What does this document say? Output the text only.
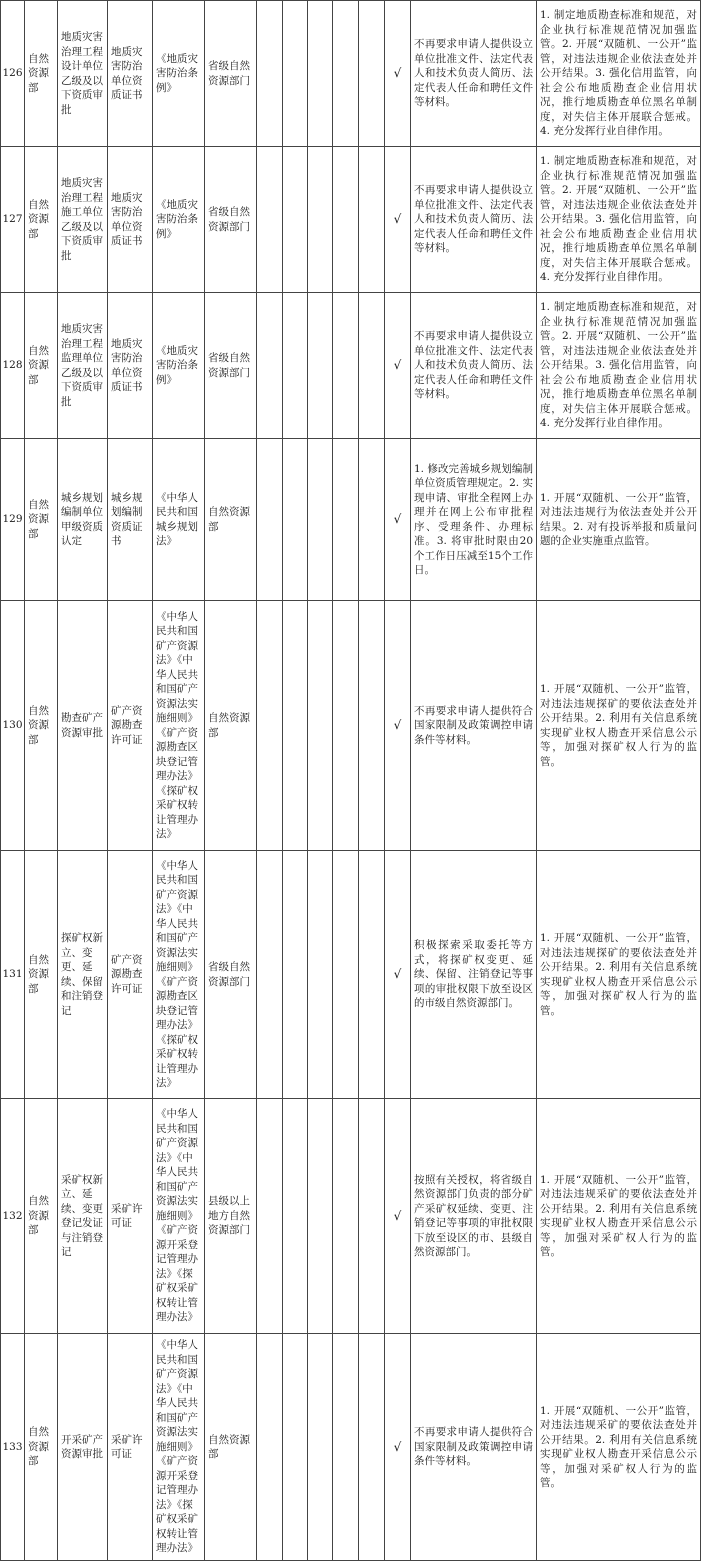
126	自然资源部	地质灾害治理工程设计单位乙级及以下资质审批	地质灾害防治单位资质证书	《地质灾害防治条例》	省级自然资源部门						√	不再要求申请人提供设立单位批准文件、法定代表人和技术负责人简历、法定代表人任命和聘任文件等材料。	1. 制定地质勘查标准和规范，对企业执行标准规范情况加强监管。2. 开展“双随机、一公开”监管，对违法违规企业依法查处并公开结果。3. 强化信用监管，向社会公布地质勘查企业信用状况，推行地质勘查单位黑名单制度，对失信主体开展联合惩戒。4. 充分发挥行业自律作用。
127	自然资源部	地质灾害治理工程施工单位乙级及以下资质审批	地质灾害防治单位资质证书	《地质灾害防治条例》	省级自然资源部门						√	不再要求申请人提供设立单位批准文件、法定代表人和技术负责人简历、法定代表人任命和聘任文件等材料。	1. 制定地质勘查标准和规范，对企业执行标准规范情况加强监管。2. 开展“双随机、一公开”监管，对违法违规企业依法查处并公开结果。3. 强化信用监管，向社会公布地质勘查企业信用状况，推行地质勘查单位黑名单制度，对失信主体开展联合惩戒。4. 充分发挥行业自律作用。
128	自然资源部	地质灾害治理工程监理单位乙级及以下资质审批	地质灾害防治单位资质证书	《地质灾害防治条例》	省级自然资源部门						√	不再要求申请人提供设立单位批准文件、法定代表人和技术负责人简历、法定代表人任命和聘任文件等材料。	1. 制定地质勘查标准和规范，对企业执行标准规范情况加强监管。2. 开展“双随机、一公开”监管，对违法违规企业依法查处并公开结果。3. 强化信用监管，向社会公布地质勘查企业信用状况，推行地质勘查单位黑名单制度，对失信主体开展联合惩戒。4. 充分发挥行业自律作用。
129	自然资源部	城乡规划编制单位甲级资质认定	城乡规划编制资质证书	《中华人民共和国城乡规划法》	自然资源部						√	1. 修改完善城乡规划编制单位资质管理规定。2. 实现申请、审批全程网上办理并在网上公布审批程序、受理条件、办理标准。3. 将审批时限由20个工作日压减至15个工作日。	1. 开展“双随机、一公开”监管，对违法违规行为依法查处并公开结果。2. 对有投诉举报和质量问题的企业实施重点监管。
130	自然资源部	勘查矿产资源审批	矿产资源勘查许可证	《中华人民共和国矿产资源法》《中华人民共和国矿产资源法实施细则》《矿产资源勘查区块登记管理办法》《探矿权采矿权转让管理办法》	自然资源部						√	不再要求申请人提供符合国家限制及政策调控申请条件等材料。	1. 开展“双随机、一公开”监管，对违法违规探矿的要依法查处并公开结果。2. 利用有关信息系统实现矿业权人勘查开采信息公示等，加强对探矿权人行为的监管。
131	自然资源部	探矿权新立、变更、延续、保留和注销登记	矿产资源勘查许可证	《中华人民共和国矿产资源法》《中华人民共和国矿产资源法实施细则》《矿产资源勘查区块登记管理办法》《探矿权采矿权转让管理办法》	省级自然资源部门						√	积极探索采取委托等方式，将探矿权变更、延续、保留、注销登记等事项的审批权限下放至设区的市级自然资源部门。	1. 开展“双随机、一公开”监管，对违法违规探矿的要依法查处并公开结果。2. 利用有关信息系统实现矿业权人勘查开采信息公示等，加强对探矿权人行为的监管。
132	自然资源部	采矿权新立、延续、变更登记发证与注销登记	采矿许可证	《中华人民共和国矿产资源法》《中华人民共和国矿产资源法实施细则》《矿产资源开采登记管理办法》《探矿权采矿权转让管理办法》	县级以上地方自然资源部门						√	按照有关授权，将省级自然资源部门负责的部分矿产采矿权延续、变更、注销登记等事项的审批权限下放至设区的市、县级自然资源部门。	1. 开展“双随机、一公开”监管，对违法违规采矿的要依法查处并公开结果。2. 利用有关信息系统实现矿业权人勘查开采信息公示等，加强对采矿权人行为的监管。
133	自然资源部	开采矿产资源审批	采矿许可证	《中华人民共和国矿产资源法》《中华人民共和国矿产资源法实施细则》《矿产资源开采登记管理办法》《探矿权采矿权转让管理办法》	自然资源部						√	不再要求申请人提供符合国家限制及政策调控申请条件等材料。	1. 开展“双随机、一公开”监管，对违法违规采矿的要依法查处并公开结果。2. 利用有关信息系统实现矿业权人勘查开采信息公示等，加强对采矿权人行为的监管。
